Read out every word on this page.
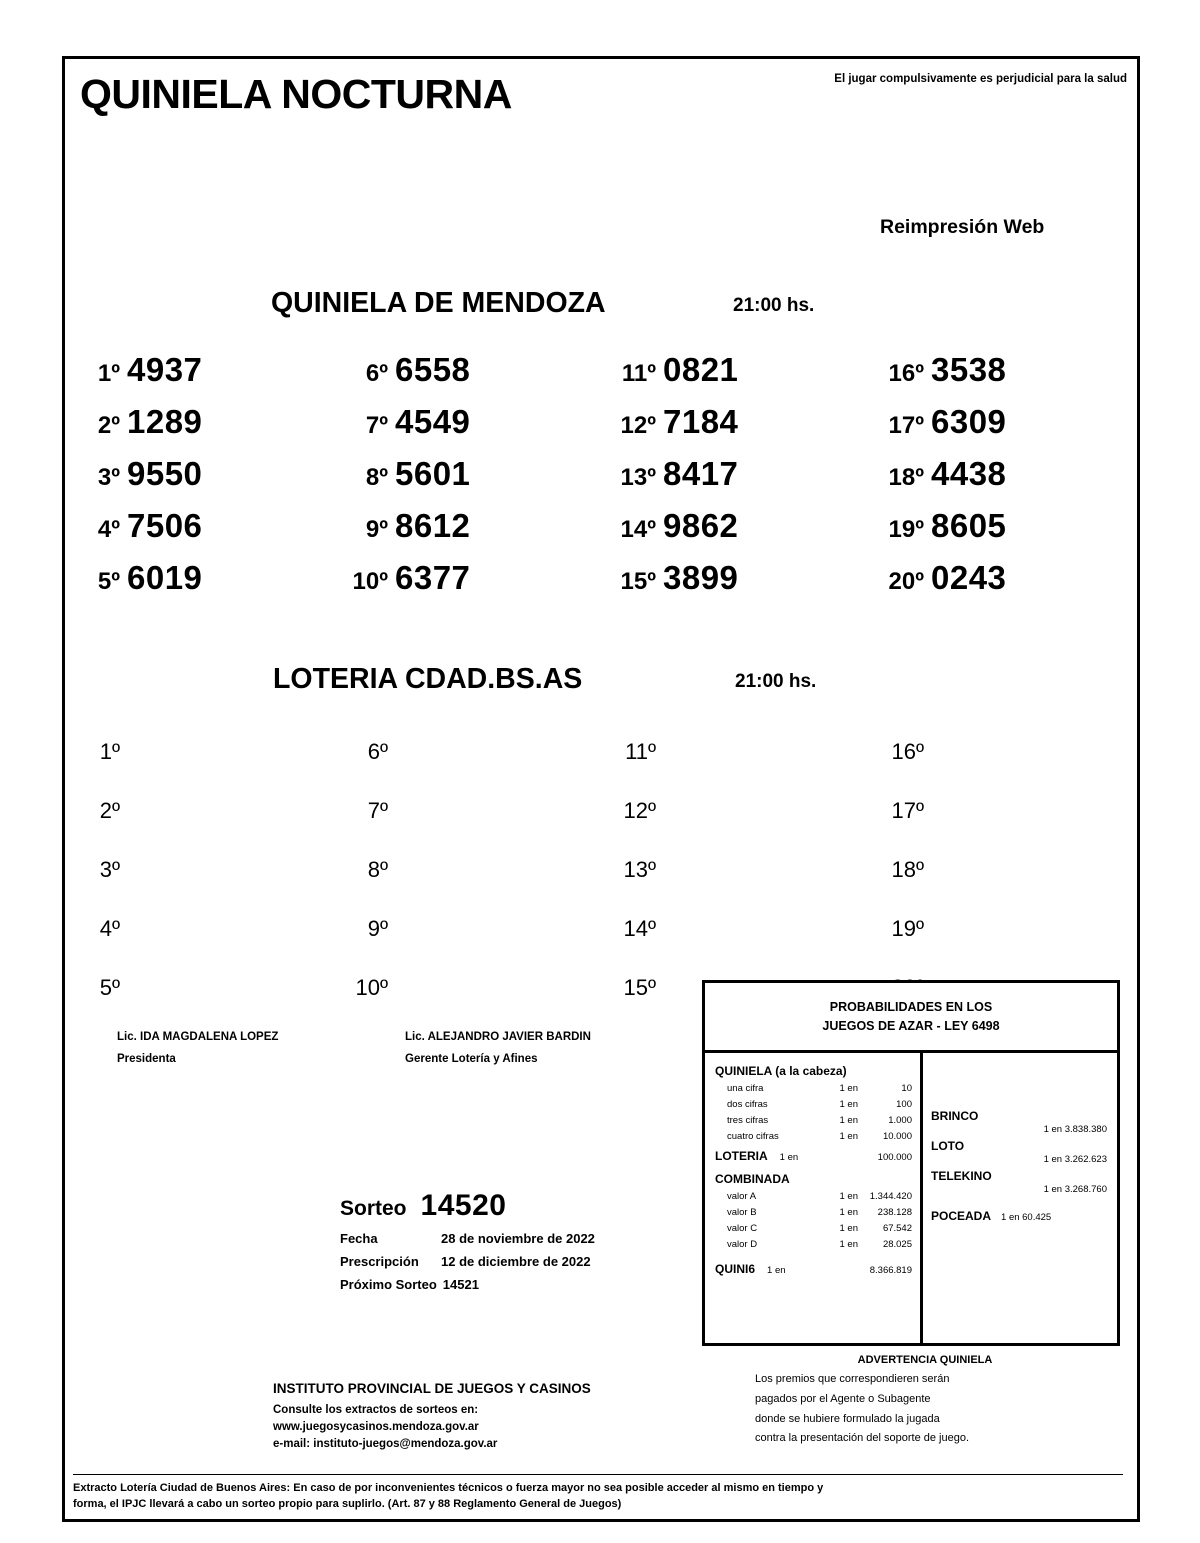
QUINIELA NOCTURNA	El jugar compulsivamente es perjudicial para la salud
Reimpresión Web
QUINIELA DE MENDOZA	21:00 hs.
1º 4937	6º 6558	11º 0821	16º 3538
2º 1289	7º 4549	12º 7184	17º 6309
3º 9550	8º 5601	13º 8417	18º 4438
4º 7506	9º 8612	14º 9862	19º 8605
5º 6019	10º 6377	15º 3899	20º 0243
LOTERIA CDAD.BS.AS	21:00 hs.
1º	6º	11º	16º
2º	7º	12º	17º
3º	8º	13º	18º
4º	9º	14º	19º
5º	10º	15º
Lic. IDA MAGDALENA LOPEZ
Presidenta
Lic. ALEJANDRO JAVIER BARDIN
Gerente Lotería y Afines
Sorteo 14520
Fecha	28 de noviembre de 2022
Prescripción	12 de diciembre de 2022
Próximo Sorteo 14521
PROBABILIDADES EN LOS
JUEGOS DE AZAR - LEY 6498
QUINIELA (a la cabeza)
una cifra	1 en	10
dos cifras	1 en	100
tres cifras	1 en	1.000
cuatro cifras	1 en	10.000
LOTERIA 1 en	100.000
COMBINADA
valor A	1 en	1.344.420
valor B	1 en	238.128
valor C	1 en	67.542
valor D	1 en	28.025
QUINI6 1 en	8.366.819
BRINCO
1 en 3.838.380
LOTO
1 en 3.262.623
TELEKINO
1 en 3.268.760
POCEADA 1 en 60.425
ADVERTENCIA QUINIELA

Los premios que correspondieren serán

pagados por el Agente o Subagente

donde se hubiere formulado la jugada

contra la presentación del soporte de juego.

INSTITUTO PROVINCIAL DE JUEGOS Y CASINOS
Consulte los extractos de sorteos en:
www.juegosycasinos.mendoza.gov.ar
e-mail: instituto-juegos@mendoza.gov.ar
Extracto Lotería Ciudad de Buenos Aires: En caso de por inconvenientes técnicos o fuerza mayor no sea posible acceder al mismo en tiempo y
forma, el IPJC llevará a cabo un sorteo propio para suplirlo. (Art. 87 y 88 Reglamento General de Juegos)
